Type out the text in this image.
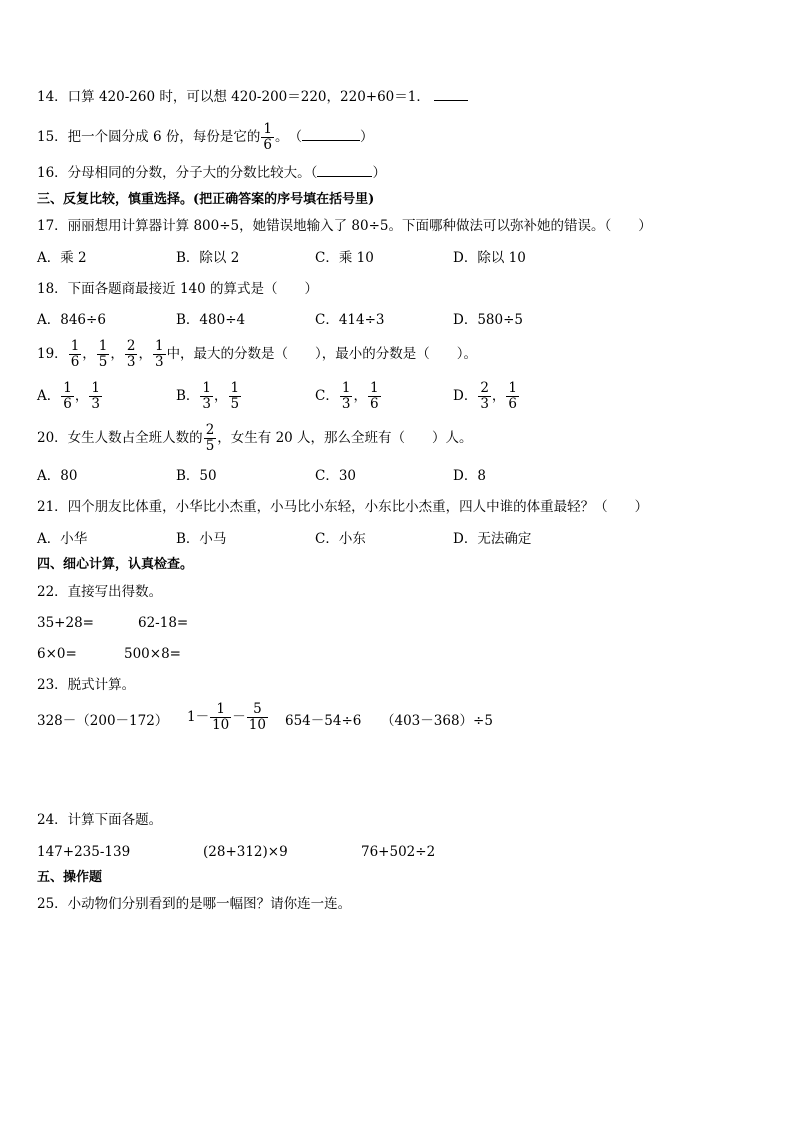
14．口算 420-260 时，可以想 420-200＝220，220+60＝1．
15．把一个圆分成 6 份，每份是它的 $\frac{1}{6}$ 。　（	）
16．分母相同的分数，分子大的分数比较大。（	）
三、反复比较，慎重选择。(把正确答案的序号填在括号里)
17．丽丽想用计算器计算 800÷5，她错误地输入了 80÷5。下面哪种做法可以弥补她的错误。（　　）
A．乘 2	B．除以 2	C．乘 10	D．除以 10
18．下面各题商最接近 140 的算式是（　　）
A．846÷6	B．480÷4	C．414÷3	D．580÷5
19． $\frac{1}{6}$ ， $\frac{1}{5}$ ， $\frac{2}{3}$ ， $\frac{1}{3}$ 中，最大的分数是（　　），最小的分数是（　　）。
A． $\frac{1}{6}$ ， $\frac{1}{3}$	B． $\frac{1}{3}$ ， $\frac{1}{5}$	C． $\frac{1}{3}$ ， $\frac{1}{6}$	D． $\frac{2}{3}$ ， $\frac{1}{6}$
20．女生人数占全班人数的 $\frac{2}{5}$ ，女生有 20 人，那么全班有（　　）人。
A．80	B．50	C．30	D．8
21．四个朋友比体重，小华比小杰重，小马比小东轻，小东比小杰重，四人中谁的体重最轻？（　　）
A．小华	B．小马	C．小东	D．无法确定
四、细心计算，认真检查。
22．直接写出得数。
35+28=	62-18=
6×0=	500×8=
23．脱式计算。
328－（200－172） $1- \frac{1}{10} - \frac{5}{10} 654-54\div 6$ （403－368）÷5
24．计算下面各题。
147+235-139	(28+312)×9	76+502÷2
五、操作题
25．小动物们分别看到的是哪一幅图？请你连一连。
